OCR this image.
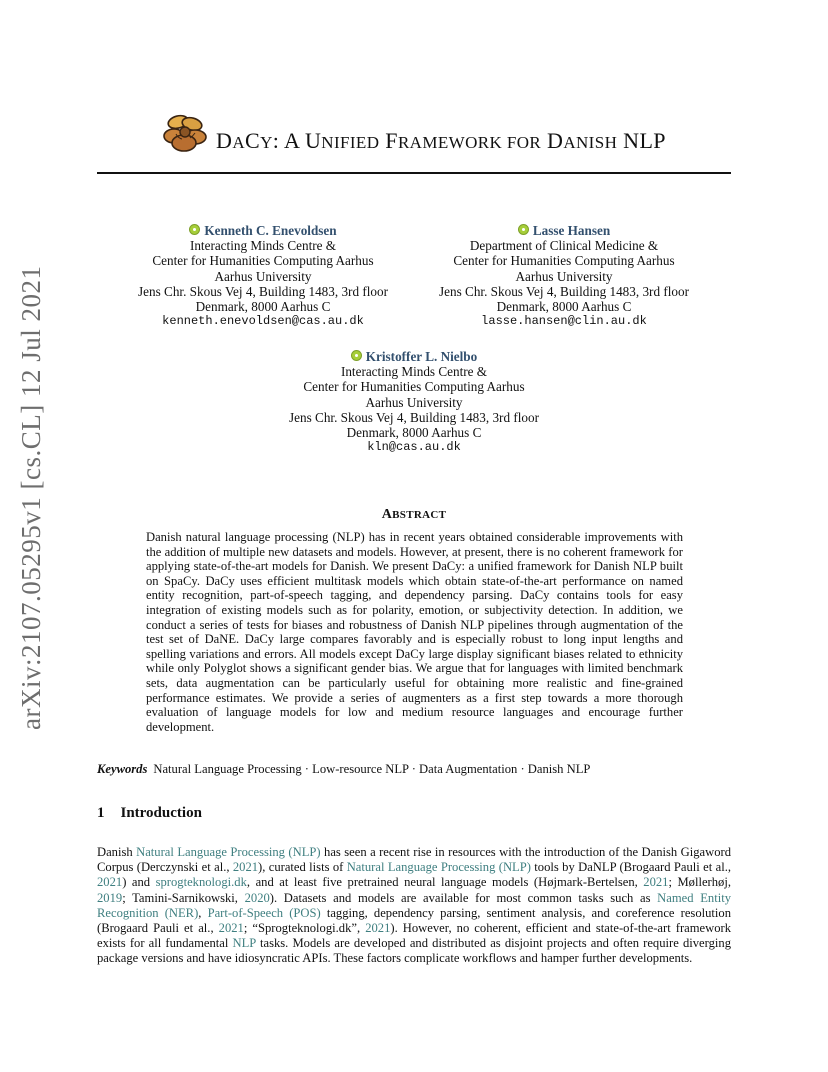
arXiv:2107.05295v1 [cs.CL] 12 Jul 2021
DACY: A UNIFIED FRAMEWORK FOR DANISH NLP
Kenneth C. Enevoldsen
Interacting Minds Centre &
Center for Humanities Computing Aarhus
Aarhus University
Jens Chr. Skous Vej 4, Building 1483, 3rd floor
Denmark, 8000 Aarhus C
kenneth.enevoldsen@cas.au.dk
Lasse Hansen
Department of Clinical Medicine &
Center for Humanities Computing Aarhus
Aarhus University
Jens Chr. Skous Vej 4, Building 1483, 3rd floor
Denmark, 8000 Aarhus C
lasse.hansen@clin.au.dk
Kristoffer L. Nielbo
Interacting Minds Centre &
Center for Humanities Computing Aarhus
Aarhus University
Jens Chr. Skous Vej 4, Building 1483, 3rd floor
Denmark, 8000 Aarhus C
kln@cas.au.dk
ABSTRACT
Danish natural language processing (NLP) has in recent years obtained considerable improvements with the addition of multiple new datasets and models. However, at present, there is no coherent framework for applying state-of-the-art models for Danish. We present DaCy: a unified framework for Danish NLP built on SpaCy. DaCy uses efficient multitask models which obtain state-of-the-art performance on named entity recognition, part-of-speech tagging, and dependency parsing. DaCy contains tools for easy integration of existing models such as for polarity, emotion, or subjectivity detection. In addition, we conduct a series of tests for biases and robustness of Danish NLP pipelines through augmentation of the test set of DaNE. DaCy large compares favorably and is especially robust to long input lengths and spelling variations and errors. All models except DaCy large display significant biases related to ethnicity while only Polyglot shows a significant gender bias. We argue that for languages with limited benchmark sets, data augmentation can be particularly useful for obtaining more realistic and fine-grained performance estimates. We provide a series of augmenters as a first step towards a more thorough evaluation of language models for low and medium resource languages and encourage further development.
Keywords Natural Language Processing · Low-resource NLP · Data Augmentation · Danish NLP
1 Introduction
Danish Natural Language Processing (NLP) has seen a recent rise in resources with the introduction of the Danish Gigaword Corpus (Derczynski et al., 2021), curated lists of Natural Language Processing (NLP) tools by DaNLP (Brogaard Pauli et al., 2021) and sprogteknologi.dk, and at least five pretrained neural language models (Højmark-Bertelsen, 2021; Møllerhøj, 2019; Tamini-Sarnikowski, 2020). Datasets and models are available for most common tasks such as Named Entity Recognition (NER), Part-of-Speech (POS) tagging, dependency parsing, sentiment analysis, and coreference resolution (Brogaard Pauli et al., 2021; “Sprogteknologi.dk”, 2021). However, no coherent, efficient and state-of-the-art framework exists for all fundamental NLP tasks. Models are developed and distributed as disjoint projects and often require diverging package versions and have idiosyncratic APIs. These factors complicate workflows and hamper further developments.
